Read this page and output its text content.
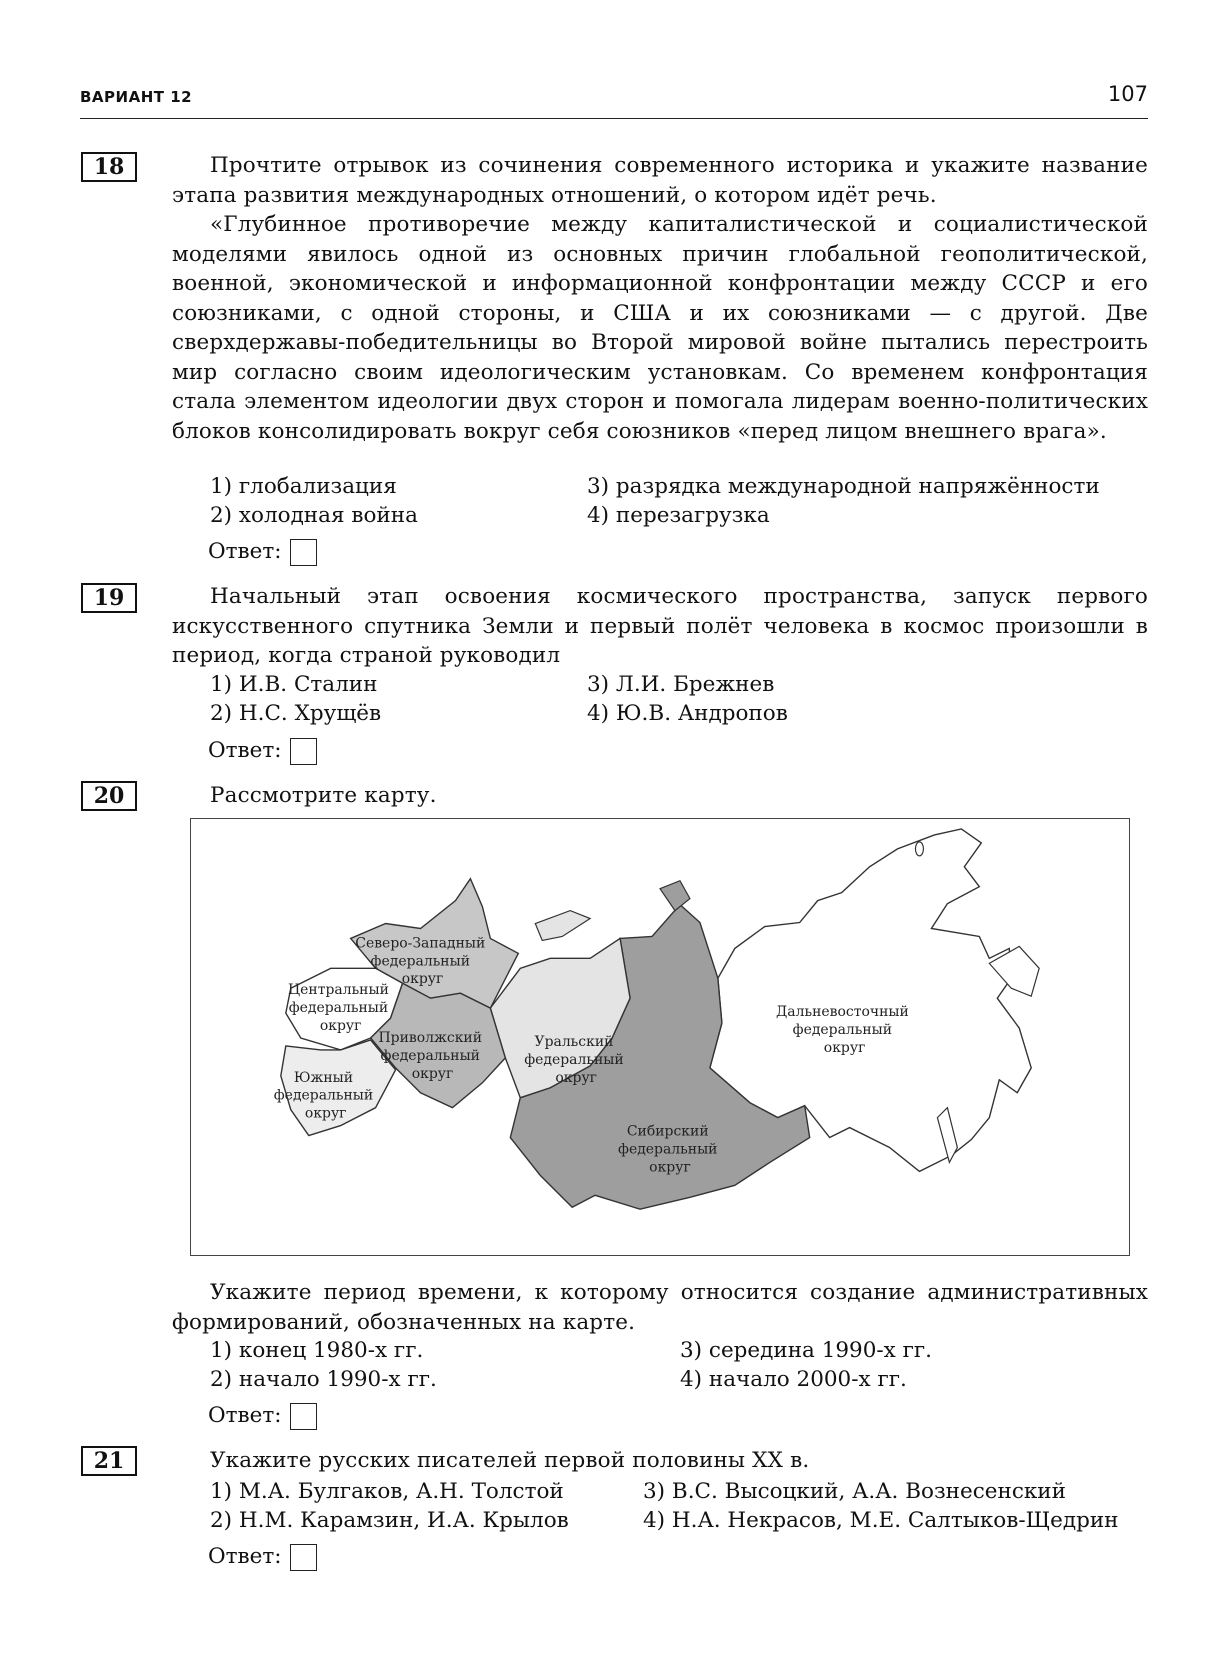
ВАРИАНТ 12	107
18	Прочтите отрывок из сочинения современного историка и укажите название этапа развития международных отношений, о котором идёт речь.
«Глубинное противоречие между капиталистической и социалистической моделями явилось одной из основных причин глобальной геополитической, военной, экономической и информационной конфронтации между СССР и его союзниками, с одной стороны, и США и их союзниками — с другой. Две сверхдержавы-победительницы во Второй мировой войне пытались перестроить мир согласно своим идеологическим установкам. Со временем конфронтация стала элементом идеологии двух сторон и помогала лидерам военно-политических блоков консолидировать вокруг себя союзников «перед лицом внешнего врага».
1) глобализация
2) холодная война
3) разрядка международной напряжённости
4) перезагрузка
Ответ:
19	Начальный этап освоения космического пространства, запуск первого искусственного спутника Земли и первый полёт человека в космос произошли в период, когда страной руководил
1) И.В. Сталин
2) Н.С. Хрущёв
3) Л.И. Брежнев
4) Ю.В. Андропов
Ответ:
20	Рассмотрите карту.
Северо-Западный федеральный округ
Центральный федеральный округ
Приволжский федеральный округ
Южный федеральный округ
Уральский федеральный округ
Сибирский федеральный округ
Дальневосточный федеральный округ
Укажите период времени, к которому относится создание административных формирований, обозначенных на карте.
1) конец 1980-х гг.
2) начало 1990-х гг.
3) середина 1990-х гг.
4) начало 2000-х гг.
Ответ:
21	Укажите русских писателей первой половины XX в.
1) М.А. Булгаков, А.Н. Толстой
2) Н.М. Карамзин, И.А. Крылов
3) В.С. Высоцкий, А.А. Вознесенский
4) Н.А. Некрасов, М.Е. Салтыков-Щедрин
Ответ:
